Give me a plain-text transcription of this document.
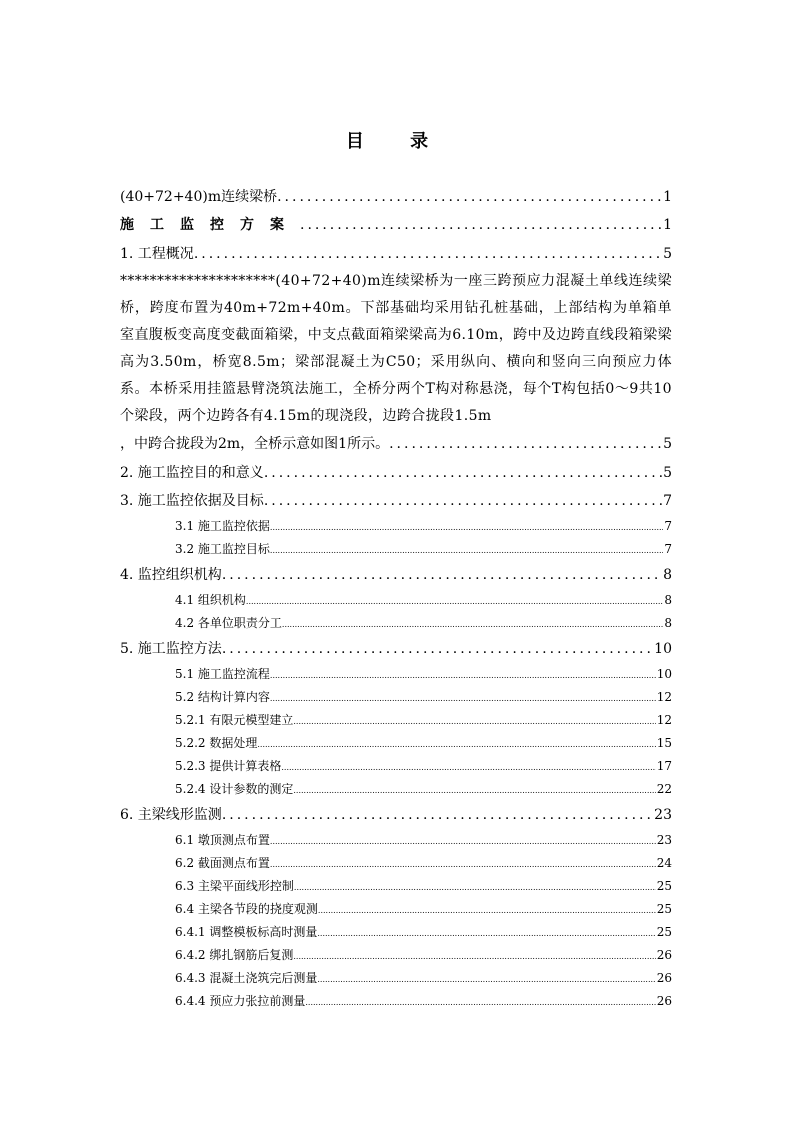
目 录
(40+72+40)m连续梁桥 .....	1
施工监控方案 .....	1
1. 工程概况 .....	5
*********************(40+72+40)m连续梁桥为一座三跨预应力混凝土单线连续梁桥，跨度布置为40m+72m+40m。下部基础均采用钻孔桩基础，上部结构为单箱单室直腹板变高度变截面箱梁，中支点截面箱梁梁高为6.10m，跨中及边跨直线段箱梁梁高为3.50m，桥宽8.5m；梁部混凝土为C50；采用纵向、横向和竖向三向预应力体系。本桥采用挂篮悬臂浇筑法施工，全桥分两个T构对称悬浇，每个T构包括0～9共10个梁段，两个边跨各有4.15m的现浇段，边跨合拢段1.5m
，中跨合拢段为2m，全桥示意如图1所示。 .....	5
2. 施工监控目的和意义 .....	5
3. 施工监控依据及目标 .....	7
3.1 施工监控依据 .....	7
3.2 施工监控目标 .....	7
4. 监控组织机构 .....	8
4.1 组织机构 .....	8
4.2 各单位职责分工 .....	8
5. 施工监控方法 .....	10
5.1 施工监控流程 .....	10
5.2 结构计算内容 .....	12
5.2.1 有限元模型建立 .....	12
5.2.2 数据处理 .....	15
5.2.3 提供计算表格 .....	17
5.2.4 设计参数的测定 .....	22
6. 主梁线形监测 .....	23
6.1 墩顶测点布置 .....	23
6.2 截面测点布置 .....	24
6.3 主梁平面线形控制 .....	25
6.4 主梁各节段的挠度观测 .....	25
6.4.1 调整模板标高时测量 .....	25
6.4.2 绑扎钢筋后复测 .....	26
6.4.3 混凝土浇筑完后测量 .....	26
6.4.4 预应力张拉前测量 .....	26
